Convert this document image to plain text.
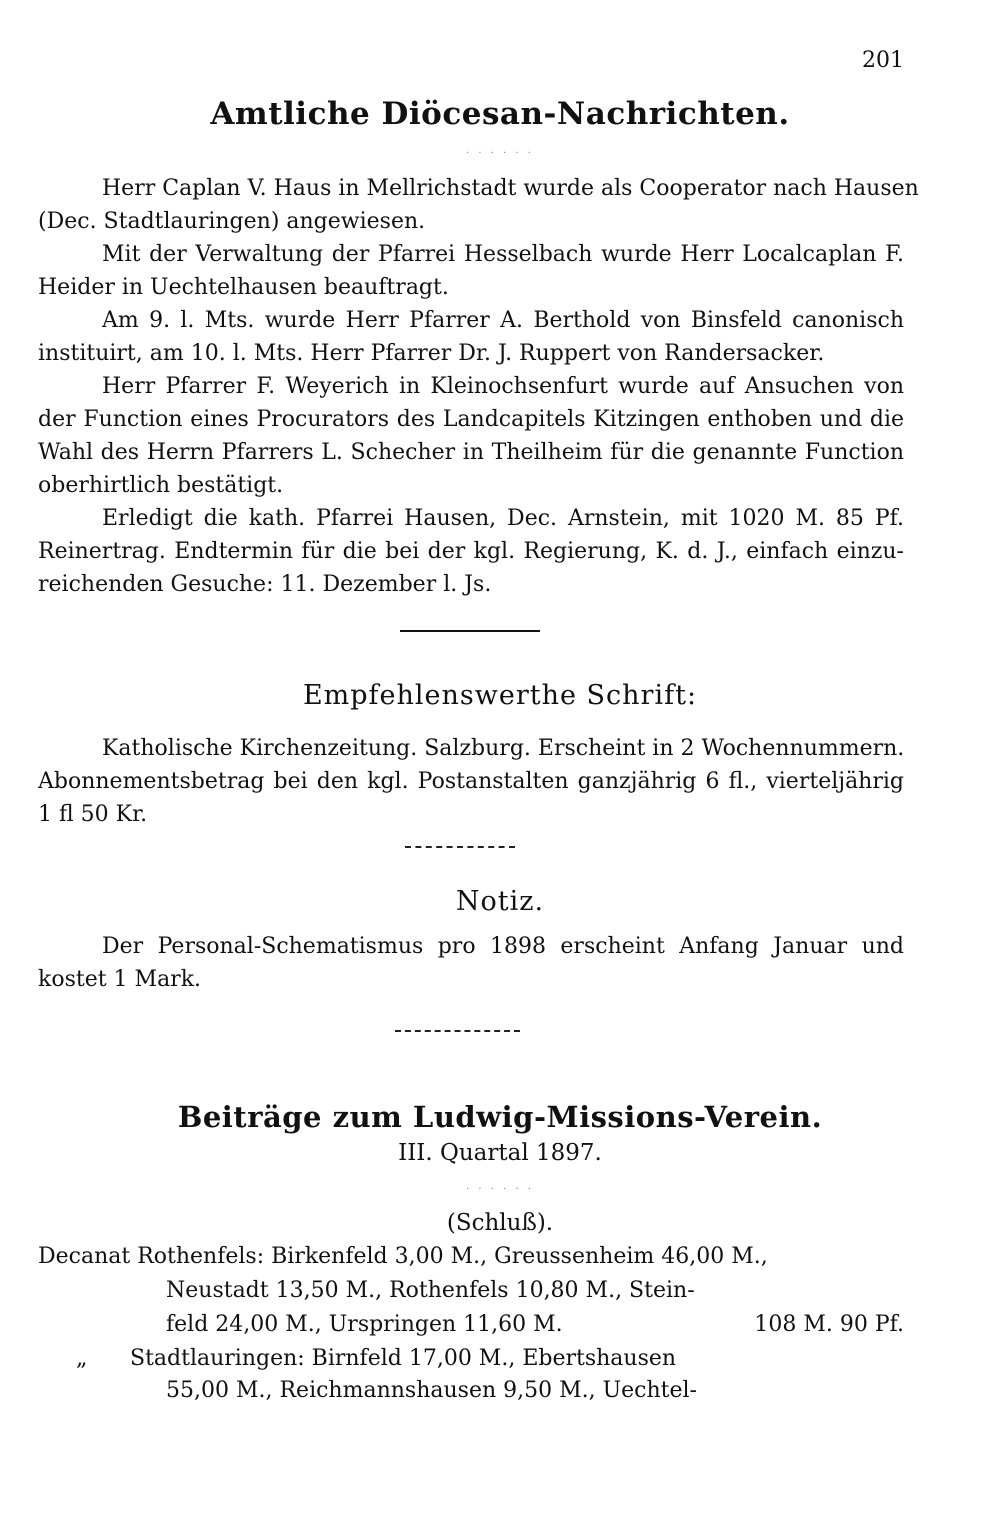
201
Amtliche Diöcesan-Nachrichten.
· · · · · ·
Herr Caplan V. Haus in Mellrichstadt wurde als Cooperator nach Hausen
(Dec. Stadtlauringen) angewiesen.
Mit der Verwaltung der Pfarrei Hesselbach wurde Herr Localcaplan F.
Heider in Uechtelhausen beauftragt.
Am 9. l. Mts. wurde Herr Pfarrer A. Berthold von Binsfeld canonisch
instituirt, am 10. l. Mts. Herr Pfarrer Dr. J. Ruppert von Randersacker.
Herr Pfarrer F. Weyerich in Kleinochsenfurt wurde auf Ansuchen von
der Function eines Procurators des Landcapitels Kitzingen enthoben und die
Wahl des Herrn Pfarrers L. Schecher in Theilheim für die genannte Function
oberhirtlich bestätigt.
Erledigt die kath. Pfarrei Hausen, Dec. Arnstein, mit 1020 M. 85 Pf.
Reinertrag. Endtermin für die bei der kgl. Regierung, K. d. J., einfach einzu-
reichenden Gesuche: 11. Dezember l. Js.
Empfehlenswerthe Schrift:
Katholische Kirchenzeitung. Salzburg. Erscheint in 2 Wochennummern.
Abonnementsbetrag bei den kgl. Postanstalten ganzjährig 6 fl., vierteljährig
1 fl 50 Kr.
Notiz.
Der Personal-Schematismus pro 1898 erscheint Anfang Januar und
kostet 1 Mark.
Beiträge zum Ludwig-Missions-Verein.
III. Quartal 1897.
· · · · · ·
(Schluß).
Decanat Rothenfels: Birkenfeld 3,00 M., Greussenheim 46,00 M.,
Neustadt 13,50 M., Rothenfels 10,80 M., Stein-
feld 24,00 M., Urspringen 11,60 M.	108 M. 90 Pf.
„ Stadtlauringen: Birnfeld 17,00 M., Ebertshausen
55,00 M., Reichmannshausen 9,50 M., Uechtel-
